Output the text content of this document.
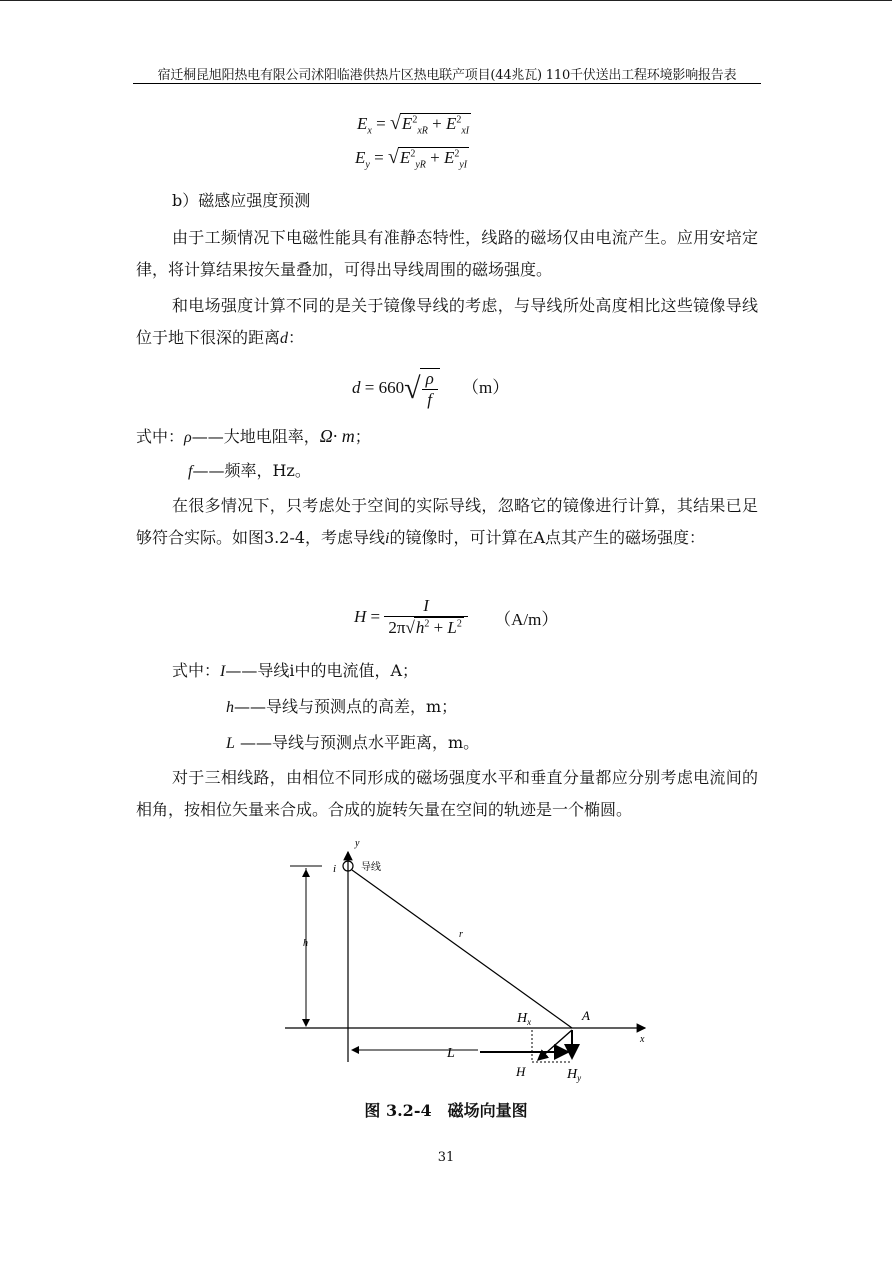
宿迁桐昆旭阳热电有限公司沭阳临港供热片区热电联产项目(44兆瓦) 110千伏送出工程环境影响报告表
$E_x = √E^2_{xR} + E^2_{xI}$
$E_y = √E^2_{yR} + E^2_{yI}$
b）磁感应强度预测
由于工频情况下电磁性能具有准静态特性，线路的磁场仅由电流产生。应用安培定律，将计算结果按矢量叠加，可得出导线周围的磁场强度。
和电场强度计算不同的是关于镜像导线的考虑，与导线所处高度相比这些镜像导线位于地下很深的距离d：
$d = 660√ \frac{\rho}{f} (m)$
式中：ρ——大地电阻率，Ω· m；
f——频率，Hz。
在很多情况下，只考虑处于空间的实际导线，忽略它的镜像进行计算，其结果已足够符合实际。如图3.2-4，考虑导线i的镜像时，可计算在A点其产生的磁场强度：
$H = \frac{I}{2\pi√h^2 + L^2} (A/m)$
式中：I——导线i中的电流值，A；
h——导线与预测点的高差，m；
L ——导线与预测点水平距离，m。
对于三相线路，由相位不同形成的磁场强度水平和垂直分量都应分别考虑电流间的相角，按相位矢量来合成。合成的旋转矢量在空间的轨迹是一个椭圆。
y
x
i 导线
h
r
A
L
$H_x$
H	$H_y$
图 3.2-4　磁场向量图
31
